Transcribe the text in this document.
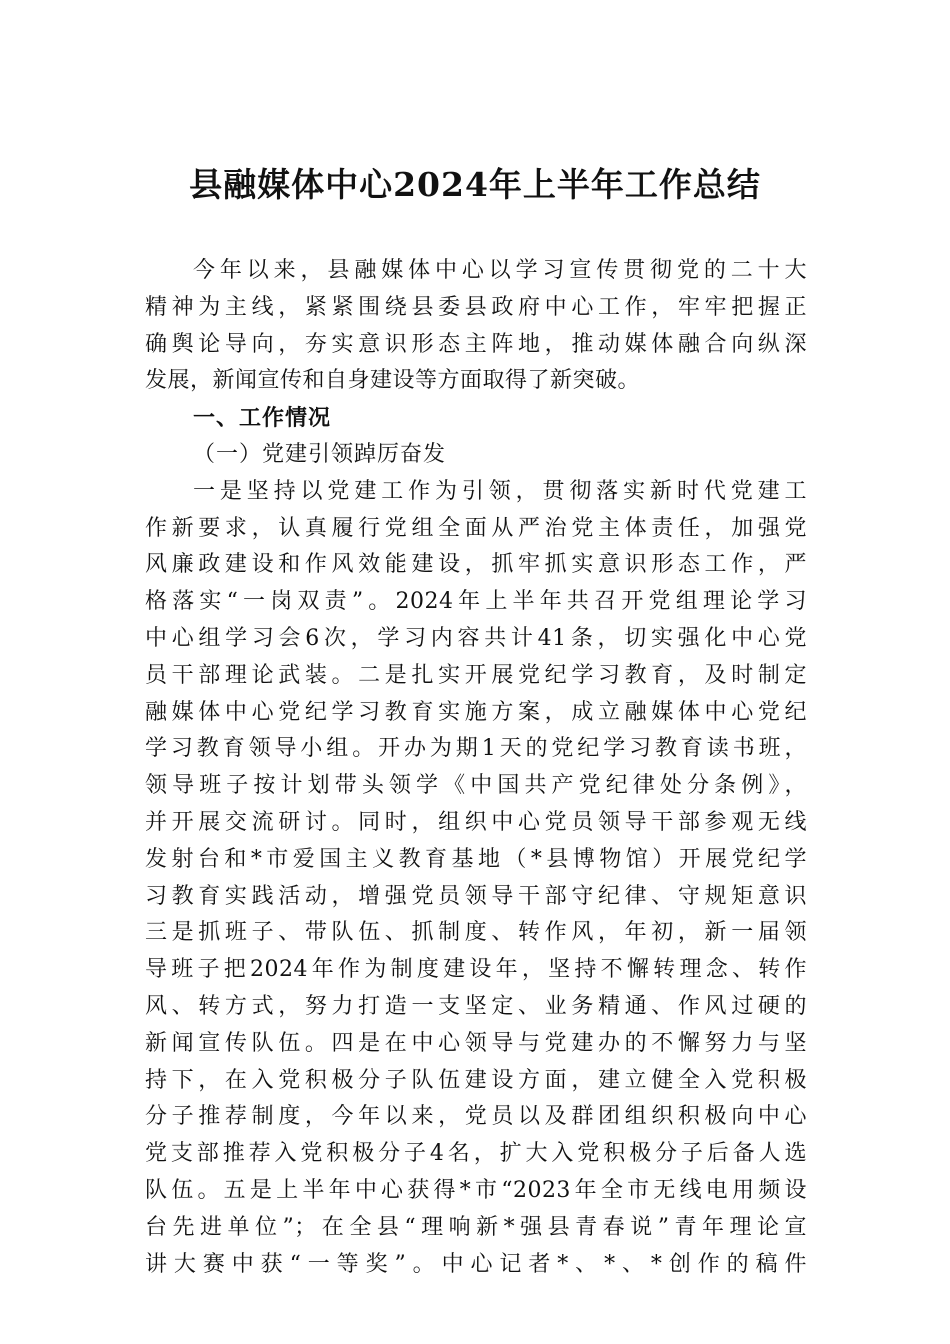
县融媒体中心2024年上半年工作总结
今年以来，县融媒体中心以学习宣传贯彻党的二十大
精神为主线，紧紧围绕县委县政府中心工作，牢牢把握正
确舆论导向，夯实意识形态主阵地，推动媒体融合向纵深
发展，新闻宣传和自身建设等方面取得了新突破。
一、工作情况
（一）党建引领踔厉奋发
一是坚持以党建工作为引领，贯彻落实新时代党建工
作新要求，认真履行党组全面从严治党主体责任，加强党
风廉政建设和作风效能建设，抓牢抓实意识形态工作，严
格落实“一岗双责”。2024年上半年共召开党组理论学习
中心组学习会6次，学习内容共计41条，切实强化中心党
员干部理论武装。二是扎实开展党纪学习教育，及时制定
融媒体中心党纪学习教育实施方案，成立融媒体中心党纪
学习教育领导小组。开办为期1天的党纪学习教育读书班，
领导班子按计划带头领学《中国共产党纪律处分条例》，
并开展交流研讨。同时，组织中心党员领导干部参观无线
发射台和*市爱国主义教育基地（*县博物馆）开展党纪学
习教育实践活动，增强党员领导干部守纪律、守规矩意识
三是抓班子、带队伍、抓制度、转作风，年初，新一届领
导班子把2024年作为制度建设年，坚持不懈转理念、转作
风、转方式，努力打造一支坚定、业务精通、作风过硬的
新闻宣传队伍。四是在中心领导与党建办的不懈努力与坚
持下，在入党积极分子队伍建设方面，建立健全入党积极
分子推荐制度，今年以来，党员以及群团组织积极向中心
党支部推荐入党积极分子4名，扩大入党积极分子后备人选
队伍。五是上半年中心获得*市“2023年全市无线电用频设
台先进单位”；在全县“理响新*强县青春说”青年理论宣
讲大赛中获“一等奖”。中心记者*、*、*创作的稿件
